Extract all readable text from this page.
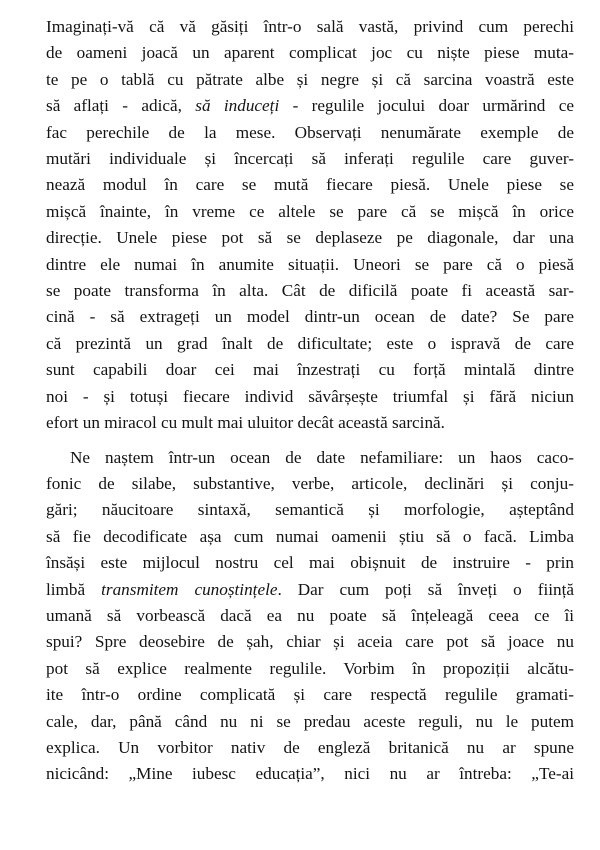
Imaginați-vă că vă găsiți într-o sală vastă, privind cum perechi
de oameni joacă un aparent complicat joc cu niște piese muta-
te pe o tablă cu pătrate albe și negre și că sarcina voastră este
să aflați - adică, să induceți - regulile jocului doar urmărind ce
fac perechile de la mese. Observați nenumărate exemple de
mutări individuale și încercați să inferați regulile care guver-
nează modul în care se mută fiecare piesă. Unele piese se
mișcă înainte, în vreme ce altele se pare că se mișcă în orice
direcție. Unele piese pot să se deplaseze pe diagonale, dar una
dintre ele numai în anumite situații. Uneori se pare că o piesă
se poate transforma în alta. Cât de dificilă poate fi această sar-
cină - să extrageți un model dintr-un ocean de date? Se pare
că prezintă un grad înalt de dificultate; este o ispravă de care
sunt capabili doar cei mai înzestrați cu forță mintală dintre
noi - și totuși fiecare individ săvârșește triumfal și fără niciun
efort un miracol cu mult mai uluitor decât această sarcină.
Ne naștem într-un ocean de date nefamiliare: un haos caco-
fonic de silabe, substantive, verbe, articole, declinări și conju-
gări; năucitoare sintaxă, semantică și morfologie, așteptând
să fie decodificate așa cum numai oamenii știu să o facă. Limba
însăși este mijlocul nostru cel mai obișnuit de instruire - prin
limbă transmitem cunoștințele. Dar cum poți să înveți o ființă
umană să vorbească dacă ea nu poate să înțeleagă ceea ce îi
spui? Spre deosebire de șah, chiar și aceia care pot să joace nu
pot să explice realmente regulile. Vorbim în propoziții alcătu-
ite într-o ordine complicată și care respectă regulile gramati-
cale, dar, până când nu ni se predau aceste reguli, nu le putem
explica. Un vorbitor nativ de engleză britanică nu ar spune
nicicând: „Mine iubesc educația”, nici nu ar întreba: „Te-ai
